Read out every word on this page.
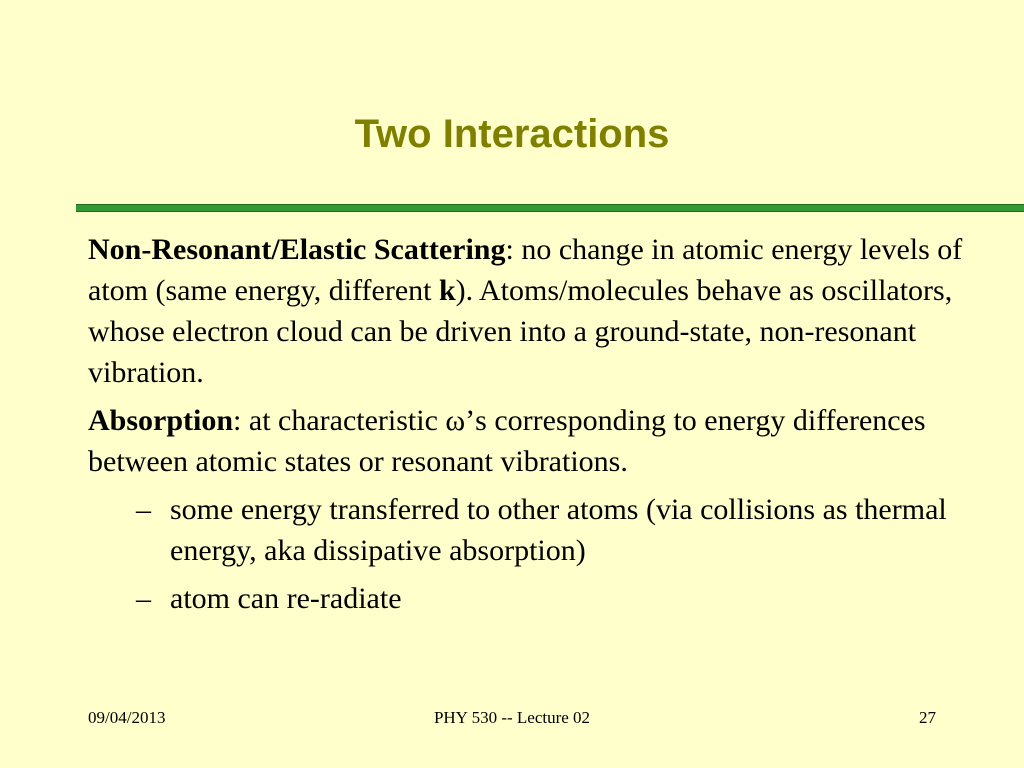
Two Interactions

Non-Resonant/Elastic Scattering: no change in atomic energy levels of atom (same energy, different k). Atoms/molecules behave as oscillators, whose electron cloud can be driven into a ground-state, non-resonant vibration.

Absorption: at characteristic ω’s corresponding to energy differences between atomic states or resonant vibrations.

– some energy transferred to other atoms (via collisions as thermal energy, aka dissipative absorption)

– atom can re-radiate

09/04/2013	PHY 530 -- Lecture 02	27
